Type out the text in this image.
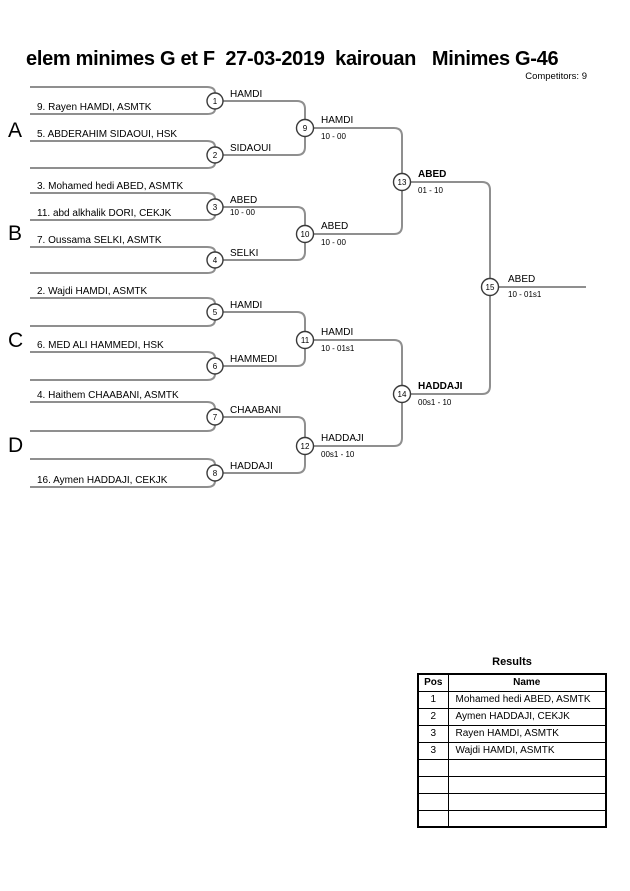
elem minimes G et F  27-03-2019  kairouan   Minimes G-46
Competitors: 9
A
B
C
D
9. Rayen HAMDI, ASMTK
5. ABDERAHIM SIDAOUI, HSK
3. Mohamed hedi ABED, ASMTK
11. abd alkhalik DORI, CEKJK
7. Oussama SELKI, ASMTK
2. Wajdi HAMDI, ASMTK
6. MED ALI HAMMEDI, HSK
4. Haithem CHAABANI, ASMTK
16. Aymen HADDAJI, CEKJK
1
2
3
4
5
6
7
8
9
10
11
12
13
14
15
HAMDI
SIDAOUI
ABED
SELKI
HAMDI
HAMMEDI
CHAABANI
HADDAJI
HAMDI
ABED
HAMDI
HADDAJI
ABED
HADDAJI
ABED
10 - 00
10 - 00
10 - 00
10 - 01s1
00s1 - 10
01 - 10
00s1 - 10
10 - 01s1
Results
Pos	Name
1	Mohamed hedi ABED, ASMTK
2	Aymen HADDAJI, CEKJK
3	Rayen HAMDI, ASMTK
3	Wajdi HAMDI, ASMTK
